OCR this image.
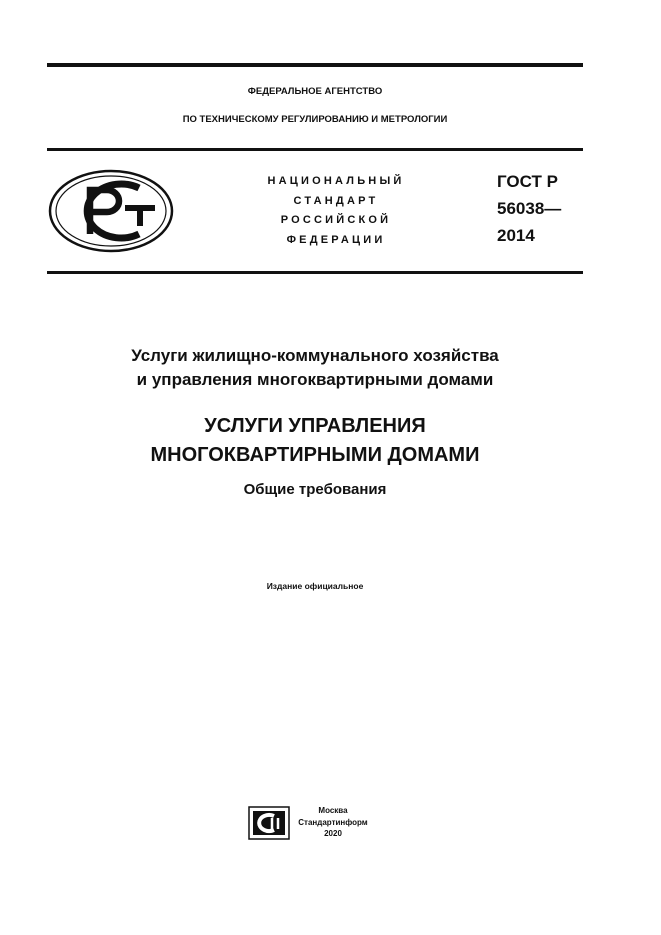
ФЕДЕРАЛЬНОЕ АГЕНТСТВО
ПО ТЕХНИЧЕСКОМУ РЕГУЛИРОВАНИЮ И МЕТРОЛОГИИ
НАЦИОНАЛЬНЫЙ
СТАНДАРТ
РОССИЙСКОЙ
ФЕДЕРАЦИИ
ГОСТ Р
56038—
2014
Услуги жилищно-коммунального хозяйства
и управления многоквартирными домами
УСЛУГИ УПРАВЛЕНИЯ
МНОГОКВАРТИРНЫМИ ДОМАМИ
Общие требования
Издание официальное
Москва
Стандартинформ
2020
